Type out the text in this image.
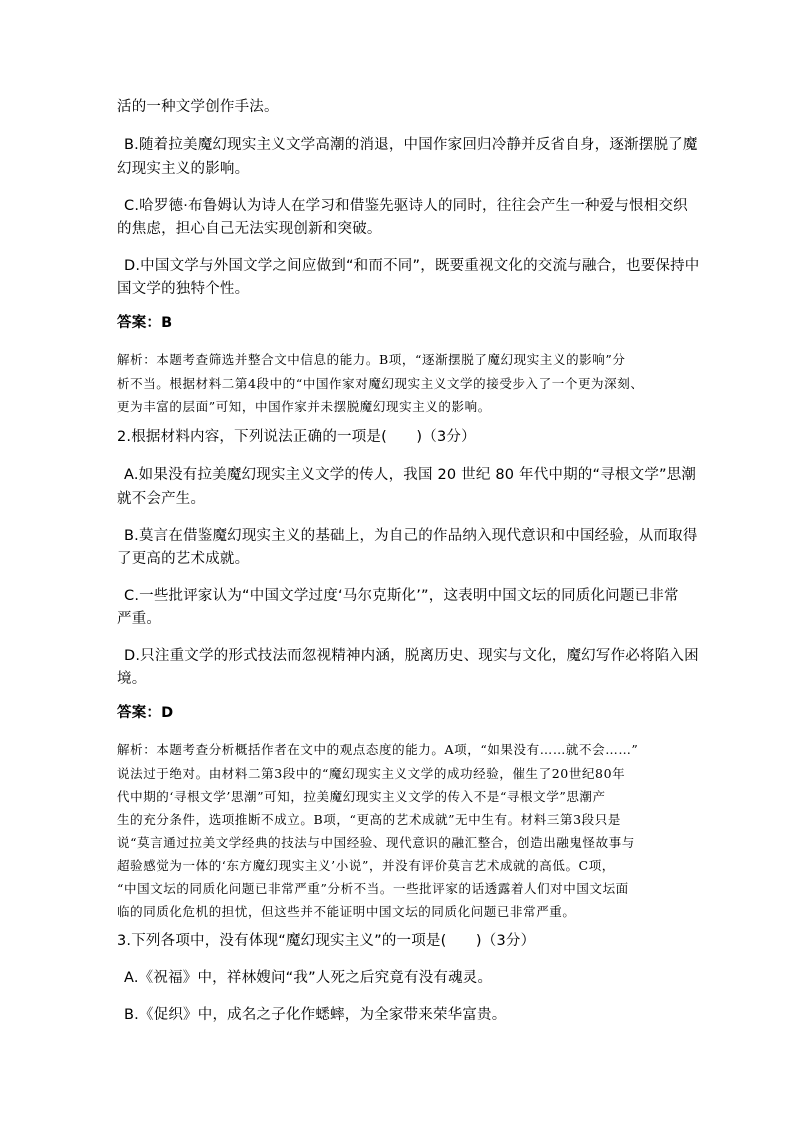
活的一种文学创作手法。
B.随着拉美魔幻现实主义文学高潮的消退，中国作家回归冷静并反省自身，逐渐摆脱了魔
幻现实主义的影响。
C.哈罗德·布鲁姆认为诗人在学习和借鉴先驱诗人的同时，往往会产生一种爱与恨相交织
的焦虑，担心自己无法实现创新和突破。
D.中国文学与外国文学之间应做到“和而不同”，既要重视文化的交流与融合，也要保持中
国文学的独特个性。
答案：B
解析：本题考查筛选并整合文中信息的能力。B项，“逐渐摆脱了魔幻现实主义的影响”分
析不当。根据材料二第4段中的“中国作家对魔幻现实主义文学的接受步入了一个更为深刻、
更为丰富的层面”可知，中国作家并未摆脱魔幻现实主义的影响。
2.根据材料内容，下列说法正确的一项是(　　)（3分）
A.如果没有拉美魔幻现实主义文学的传人，我国 20 世纪 80 年代中期的“寻根文学”思潮
就不会产生。
B.莫言在借鉴魔幻现实主义的基础上，为自己的作品纳入现代意识和中国经验，从而取得
了更高的艺术成就。
C.一些批评家认为“中国文学过度‘马尔克斯化’”，这表明中国文坛的同质化问题已非常
严重。
D.只注重文学的形式技法而忽视精神内涵，脱离历史、现实与文化，魔幻写作必将陷入困
境。
答案：D
解析：本题考查分析概括作者在文中的观点态度的能力。A项，“如果没有……就不会……”
说法过于绝对。由材料二第3段中的“魔幻现实主义文学的成功经验，催生了20世纪80年
代中期的‘寻根文学’思潮”可知，拉美魔幻现实主义文学的传入不是“寻根文学”思潮产
生的充分条件，选项推断不成立。B项，“更高的艺术成就”无中生有。材料三第3段只是
说“莫言通过拉美文学经典的技法与中国经验、现代意识的融汇整合，创造出融鬼怪故事与
超验感觉为一体的‘东方魔幻现实主义’小说”，并没有评价莫言艺术成就的高低。C项，
“中国文坛的同质化问题已非常严重”分析不当。一些批评家的话透露着人们对中国文坛面
临的同质化危机的担忧，但这些并不能证明中国文坛的同质化问题已非常严重。
3.下列各项中，没有体现“魔幻现实主义”的一项是(　　)（3分）
A.《祝福》中，祥林嫂问“我”人死之后究竟有没有魂灵。
B.《促织》中，成名之子化作蟋蟀，为全家带来荣华富贵。
